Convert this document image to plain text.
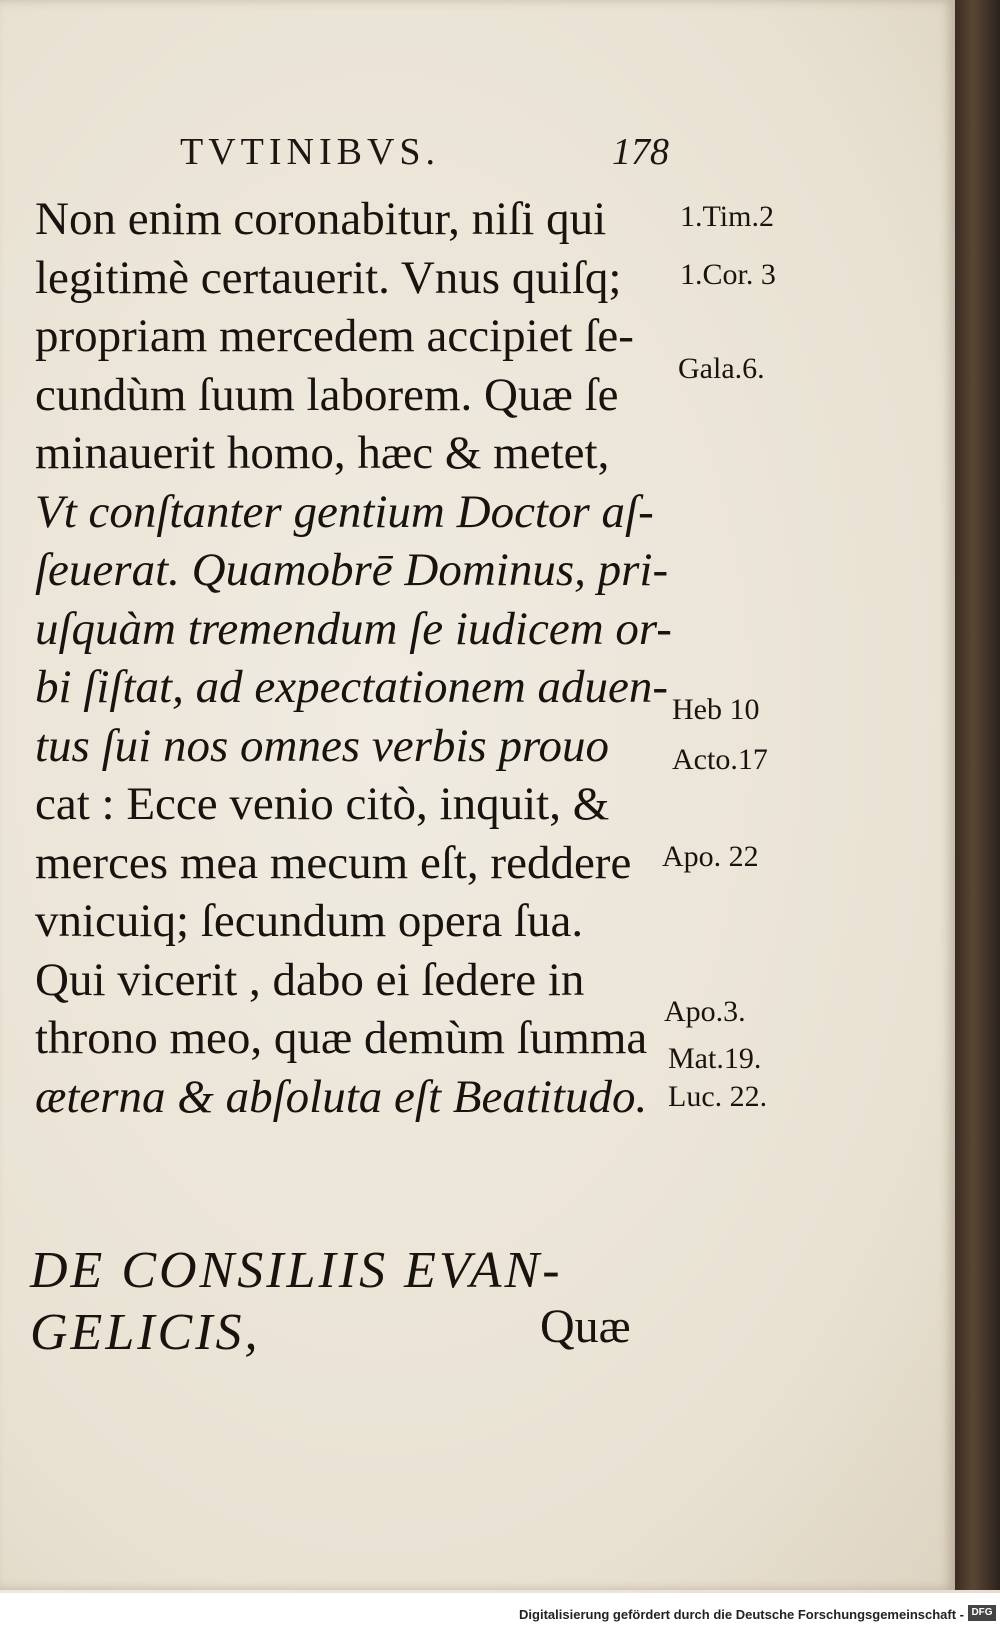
TVTINIBVS.	178
Non enim coronabitur, niſi qui
legitimè certauerit. Vnus quiſq;
propriam mercedem accipiet ſe-
cundùm ſuum laborem. Quæ ſe
minauerit homo, hæc & metet,
Vt conſtanter gentium Doctor aſ-
ſeuerat. Quamobrē Dominus, pri-
uſquàm tremendum ſe iudicem or-
bi ſiſtat, ad expectationem aduen-
tus ſui nos omnes verbis prouo
cat : Ecce venio citò, inquit, &
merces mea mecum eſt, reddere
vnicuiq; ſecundum opera ſua.
Qui vicerit , dabo ei ſedere in
throno meo, quæ demùm ſumma
æterna & abſoluta eſt Beatitudo.
1.Tim.2
1.Cor. 3
Gala.6.
Heb 10
Acto.17
Apo. 22
Apo.3.
Mat.19.
Luc. 22.
DE CONSILIIS EVAN-
GELICIS,	Quæ
Digitalisierung gefördert durch die Deutsche Forschungsgemeinschaft - DFG
